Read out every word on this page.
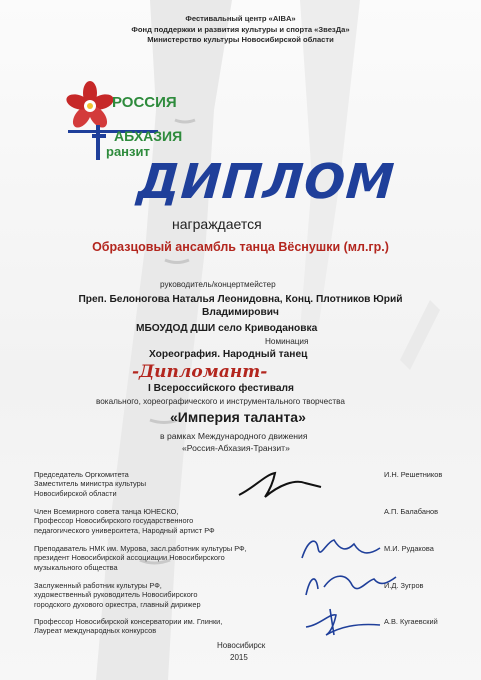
Фестивальный центр «AIBA»
Фонд поддержки и развития культуры и спорта «ЗвезДа»
Министерство культуры Новосибирской области
РОССИЯ
АБХАЗИЯ
ранзит
ДИПЛОМ
награждается
Образцовый ансамбль танца Вёснушки (мл.гр.)
руководитель/концертмейстер
Преп. Белоногова Наталья Леонидовна, Конц. Плотников Юрий
Владимирович
МБОУДОД ДШИ село Криводановка
Номинация
Хореография. Народный танец
-Дипломант-
I Всероссийского фестиваля
вокального, хореографического и инструментального творчества
«Империя таланта»
в рамках Международного движения
«Россия-Абхазия-Транзит»
Председатель Оргкомитета
Заместитель министра культуры
Новосибирской области
И.Н. Решетников
Член Всемирного совета танца ЮНЕСКО,
Профессор Новосибирского государственного
педагогического университета, Народный артист РФ
А.П. Балабанов
Преподаватель НМК им. Мурова, засл.работник культуры РФ,
президент Новосибирской ассоциации Новосибирского
музыкального общества
М.И. Рудакова
Заслуженный работник культуры РФ,
художественный руководитель Новосибирского
городского духового оркестра, главный дирижер
И.Д. Зугров
Профессор Новосибирской консерватории им. Глинки,
Лауреат международных конкурсов
А.В. Кугаевский
Новосибирск
2015
